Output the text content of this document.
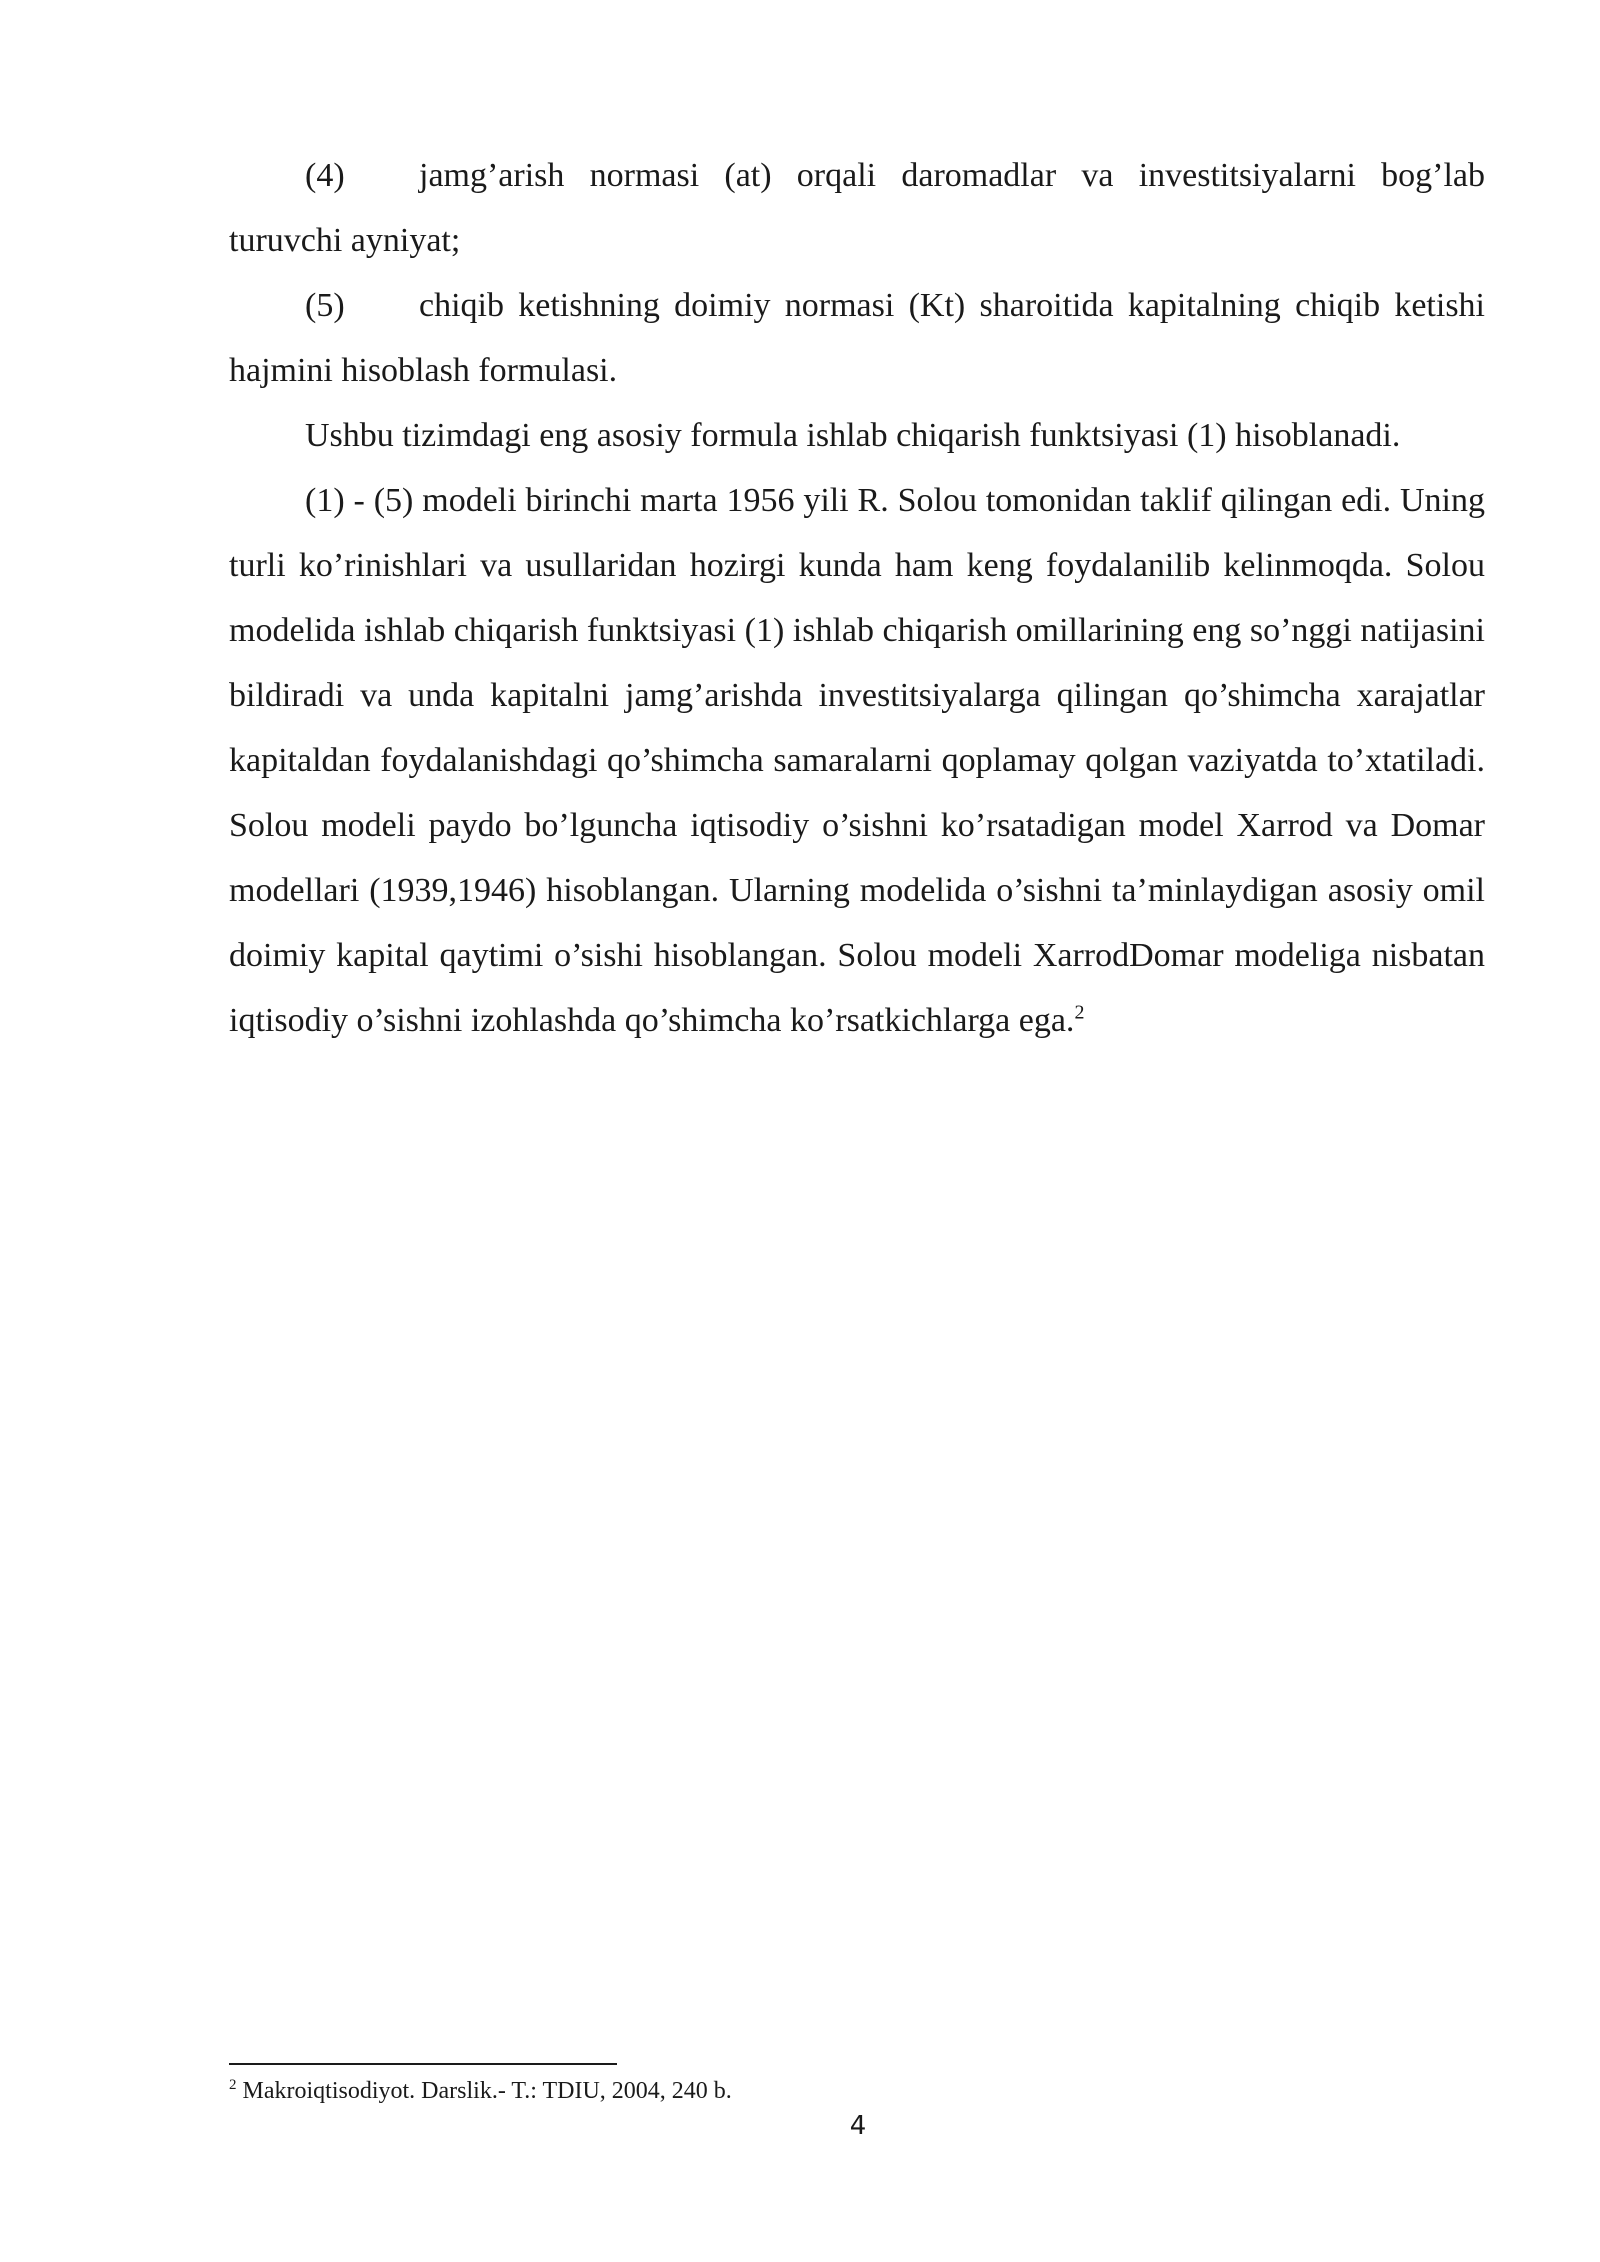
(4) jamg’arish normasi (at) orqali daromadlar va investitsiyalarni bog’lab turuvchi ayniyat;

(5) chiqib ketishning doimiy normasi (Kt) sharoitida kapitalning chiqib ketishi hajmini hisoblash formulasi.

Ushbu tizimdagi eng asosiy formula ishlab chiqarish funktsiyasi (1) hisoblanadi.

(1) - (5) modeli birinchi marta 1956 yili R. Solou tomonidan taklif qilingan edi. Uning turli ko’rinishlari va usullaridan hozirgi kunda ham keng foydalanilib kelinmoqda. Solou modelida ishlab chiqarish funktsiyasi (1) ishlab chiqarish omillarining eng so’nggi natijasini bildiradi va unda kapitalni jamg’arishda investitsiyalarga qilingan qo’shimcha xarajatlar kapitaldan foydalanishdagi qo’shimcha samaralarni qoplamay qolgan vaziyatda to’xtatiladi. Solou modeli paydo bo’lguncha iqtisodiy o’sishni ko’rsatadigan model Xarrod va Domar modellari (1939,1946) hisoblangan. Ularning modelida o’sishni ta’minlaydigan asosiy omil doimiy kapital qaytimi o’sishi hisoblangan. Solou modeli XarrodDomar modeliga nisbatan iqtisodiy o’sishni izohlashda qo’shimcha ko’rsatkichlarga ega.$^2$

$^2$ Makroiqtisodiyot. Darslik.- T.: TDIU, 2004, 240 b.
4
